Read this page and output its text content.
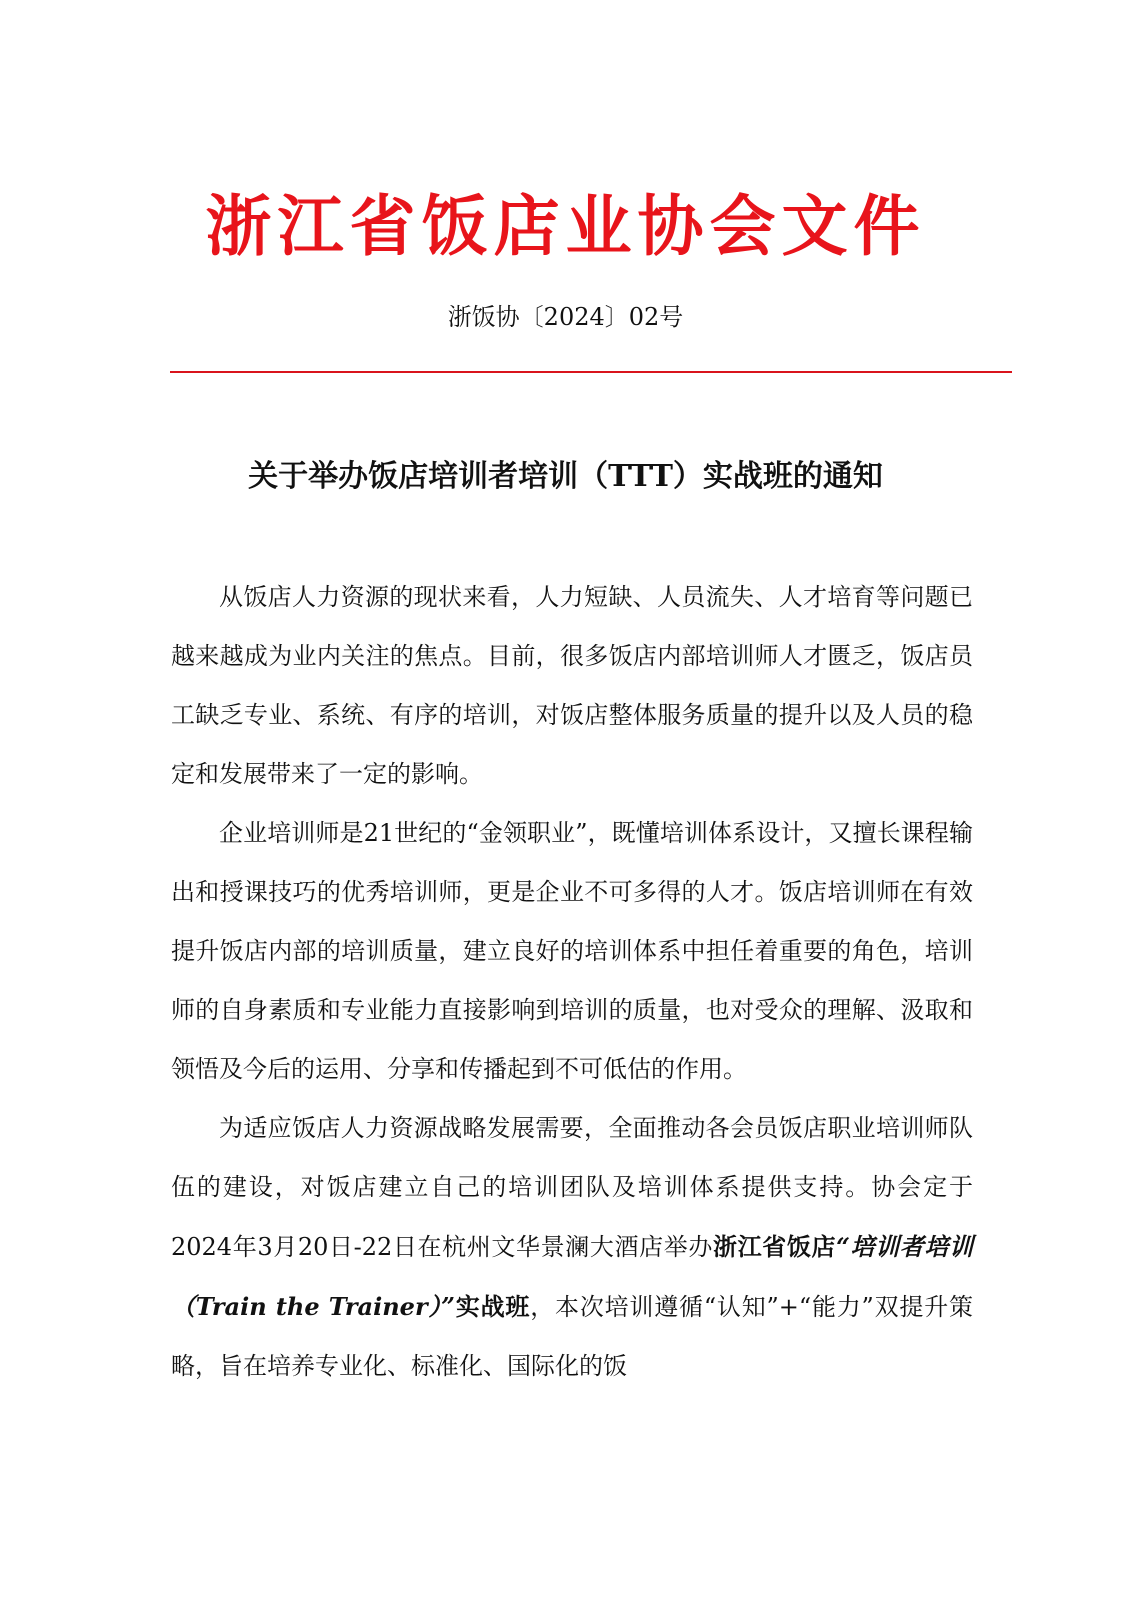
浙江省饭店业协会文件
浙饭协〔2024〕02号
关于举办饭店培训者培训（TTT）实战班的通知

从饭店人力资源的现状来看，人力短缺、人员流失、人才培育等问题已越来越成为业内关注的焦点。目前，很多饭店内部培训师人才匮乏，饭店员工缺乏专业、系统、有序的培训，对饭店整体服务质量的提升以及人员的稳定和发展带来了一定的影响。

企业培训师是21世纪的“金领职业”，既懂培训体系设计，又擅长课程输出和授课技巧的优秀培训师，更是企业不可多得的人才。饭店培训师在有效提升饭店内部的培训质量，建立良好的培训体系中担任着重要的角色，培训师的自身素质和专业能力直接影响到培训的质量，也对受众的理解、汲取和领悟及今后的运用、分享和传播起到不可低估的作用。

为适应饭店人力资源战略发展需要，全面推动各会员饭店职业培训师队伍的建设，对饭店建立自己的培训团队及培训体系提供支持。协会定于2024年3月20日-22日在杭州文华景澜大酒店举办浙江省饭店“培训者培训（Train the Trainer）”实战班，本次培训遵循“认知”+“能力”双提升策略，旨在培养专业化、标准化、国际化的饭
